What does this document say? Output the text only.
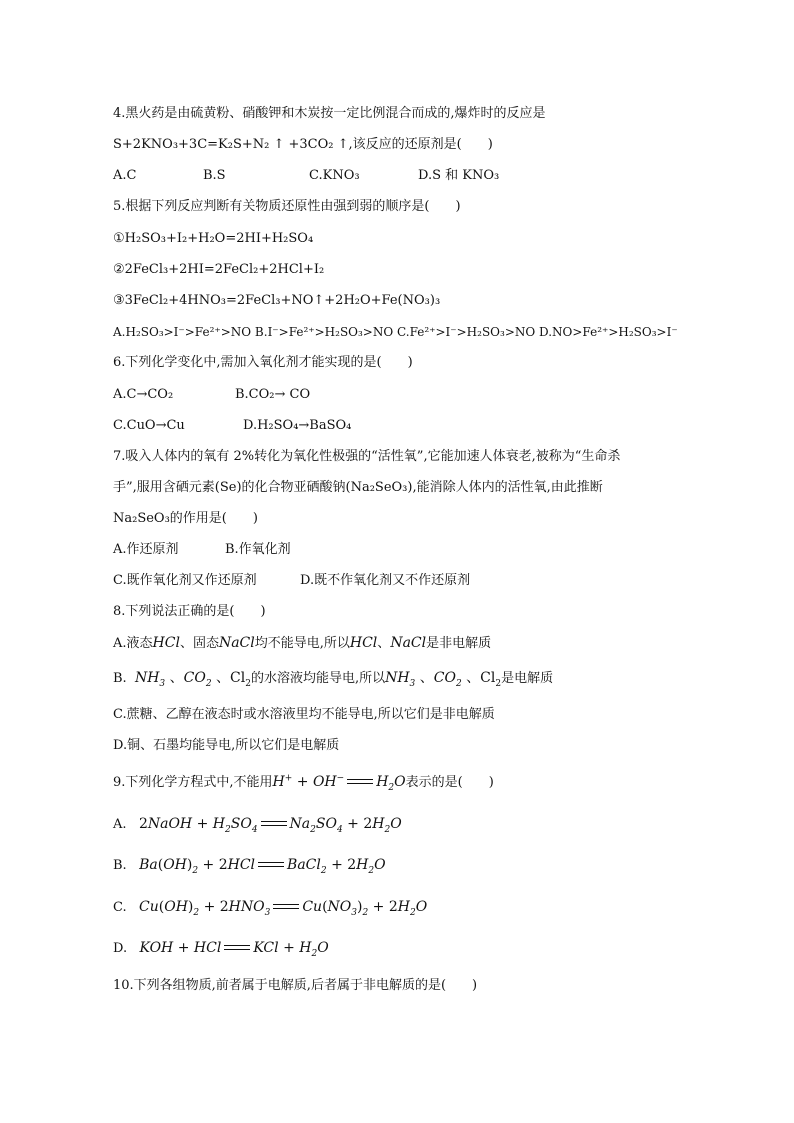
4.黑火药是由硫黄粉、硝酸钾和木炭按一定比例混合而成的,爆炸时的反应是
S+2KNO₃+3C=K₂S+N₂ ↑ +3CO₂ ↑,该反应的还原剂是(　　)
A.C	B.S	C.KNO₃	D.S 和 KNO₃
5.根据下列反应判断有关物质还原性由强到弱的顺序是(　　)
①H₂SO₃+I₂+H₂O=2HI+H₂SO₄
②2FeCl₃+2HI=2FeCl₂+2HCl+I₂
③3FeCl₂+4HNO₃=2FeCl₃+NO↑+2H₂O+Fe(NO₃)₃
A.H₂SO₃>I⁻>Fe²⁺>NO B.I⁻>Fe²⁺>H₂SO₃>NO C.Fe²⁺>I⁻>H₂SO₃>NO D.NO>Fe²⁺>H₂SO₃>I⁻
6.下列化学变化中,需加入氧化剂才能实现的是(　　)
A.C→CO₂	B.CO₂→ CO
C.CuO→Cu	D.H₂SO₄→BaSO₄
7.吸入人体内的氧有 2%转化为氧化性极强的“活性氧”,它能加速人体衰老,被称为“生命杀
手”,服用含硒元素(Se)的化合物亚硒酸钠(Na₂SeO₃),能消除人体内的活性氧,由此推断
Na₂SeO₃的作用是(　　)
A.作还原剂	B.作氧化剂
C.既作氧化剂又作还原剂	D.既不作氧化剂又不作还原剂
8.下列说法正确的是(　　)
A.液态HCl、固态NaCl均不能导电,所以HCl、NaCl是非电解质
B. $NH_3$ 、$CO_2$ 、$Cl_2$的水溶液均能导电,所以$NH_3$ 、$CO_2$ 、$Cl_2$是电解质
C.蔗糖、乙醇在液态时或水溶液里均不能导电,所以它们是非电解质
D.铜、石墨均能导电,所以它们是电解质
9.下列化学方程式中,不能用H+ + OH− $H_2O$表示的是(　　)
A. 2NaOH + $H_2SO_4$ $Na_2SO_4 + 2H_2O$
B. $Ba(OH)_2 + 2HCl$ BaCl$_2$ + $2H_2O$
C. $Cu(OH)_2 + 2HNO_3$ $Cu(NO_3)_2 + 2H_2O$
D. KOH + HCl KCl + $H_2O$
10.下列各组物质,前者属于电解质,后者属于非电解质的是(　　)
